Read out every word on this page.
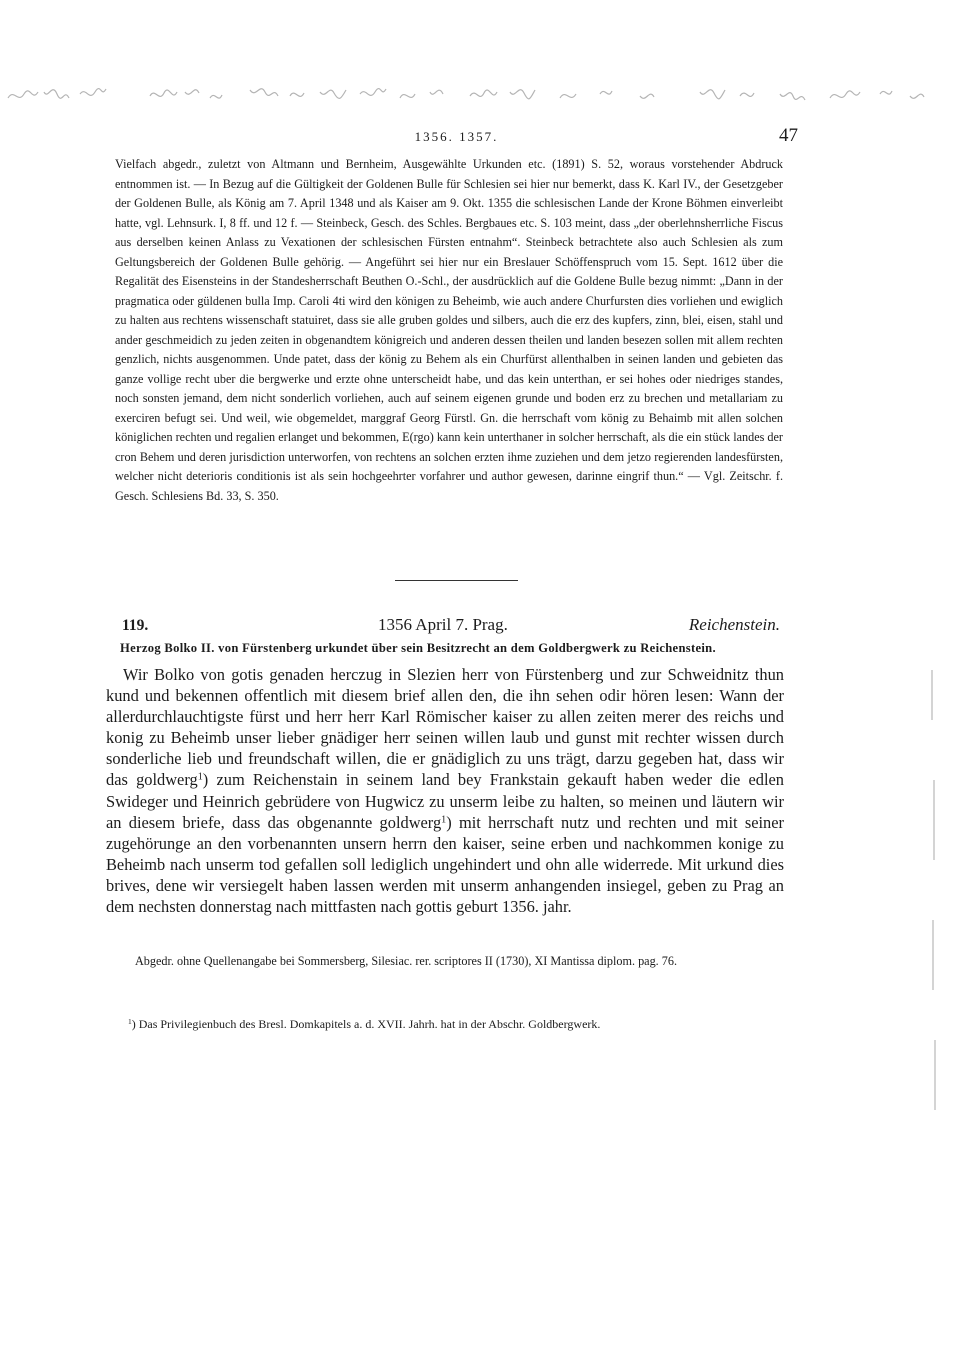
1356. 1357.	47

Vielfach abgedr., zuletzt von Altmann und Bernheim, Ausgewählte Urkunden etc. (1891) S. 52, woraus vorstehender Abdruck entnommen ist. — In Bezug auf die Gültigkeit der Goldenen Bulle für Schlesien sei hier nur bemerkt, dass K. Karl IV., der Gesetzgeber der Goldenen Bulle, als König am 7. April 1348 und als Kaiser am 9. Okt. 1355 die schlesischen Lande der Krone Böhmen einverleibt hatte, vgl. Lehnsurk. I, 8 ff. und 12 f. — Steinbeck, Gesch. des Schles. Bergbaues etc. S. 103 meint, dass „der oberlehnsherrliche Fiscus aus derselben keinen Anlass zu Vexationen der schlesischen Fürsten entnahm“. Steinbeck betrachtete also auch Schlesien als zum Geltungsbereich der Goldenen Bulle gehörig. — Angeführt sei hier nur ein Breslauer Schöffenspruch vom 15. Sept. 1612 über die Regalität des Eisensteins in der Standesherrschaft Beuthen O.-Schl., der ausdrücklich auf die Goldene Bulle bezug nimmt: „Dann in der pragmatica oder güldenen bulla Imp. Caroli 4ti wird den königen zu Beheimb, wie auch andere Churfursten dies vorliehen und ewiglich zu halten aus rechtens wissenschaft statuiret, dass sie alle gruben goldes und silbers, auch die erz des kupfers, zinn, blei, eisen, stahl und ander geschmeidich zu jeden zeiten in obgenandtem königreich und anderen dessen theilen und landen besezen sollen mit allem rechten genzlich, nichts ausgenommen. Unde patet, dass der könig zu Behem als ein Churfürst allenthalben in seinen landen und gebieten das ganze vollige recht uber die bergwerke und erzte ohne unterscheidt habe, und das kein unterthan, er sei hohes oder niedriges standes, noch sonsten jemand, dem nicht sonderlich vorliehen, auch auf seinem eigenen grunde und boden erz zu brechen und metallariam zu exerciren befugt sei. Und weil, wie obgemeldet, marggraf Georg Fürstl. Gn. die herrschaft vom könig zu Behaimb mit allen solchen königlichen rechten und regalien erlanget und bekommen, E(rgo) kann kein unterthaner in solcher herrschaft, als die ein stück landes der cron Behem und deren jurisdiction unterworfen, von rechtens an solchen erzten ihme zuziehen und dem jetzo regierenden landesfürsten, welcher nicht deterioris conditionis ist als sein hochgeehrter vorfahrer und author gewesen, darinne eingrif thun.“ — Vgl. Zeitschr. f. Gesch. Schlesiens Bd. 33, S. 350.

119.	1356 April 7. Prag.	Reichenstein.
Herzog Bolko II. von Fürstenberg urkundet über sein Besitzrecht an dem Goldbergwerk zu Reichenstein.

Wir Bolko von gotis genaden herczug in Slezien herr von Fürstenberg und zur Schweidnitz thun kund und bekennen offentlich mit diesem brief allen den, die ihn sehen odir hören lesen: Wann der allerdurchlauchtigste fürst und herr herr Karl Römischer kaiser zu allen zeiten merer des reichs und konig zu Beheimb unser lieber gnädiger herr seinen willen laub und gunst mit rechter wissen durch sonderliche lieb und freundschaft willen, die er gnädiglich zu uns trägt, darzu gegeben hat, dass wir das goldwerg$^1$) zum Reichenstain in seinem land bey Frankstain gekauft haben weder die edlen Swideger und Heinrich gebrüdere von Hugwicz zu unserm leibe zu halten, so meinen und läutern wir an diesem briefe, dass das obgenannte goldwerg$^1$) mit herrschaft nutz und rechten und mit seiner zugehörunge an den vorbenannten unsern herrn den kaiser, seine erben und nachkommen konige zu Beheimb nach unserm tod gefallen soll lediglich ungehindert und ohn alle widerrede. Mit urkund dies brives, dene wir versiegelt haben lassen werden mit unserm anhangenden insiegel, geben zu Prag an dem nechsten donnerstag nach mittfasten nach gottis geburt 1356. jahr.

Abgedr. ohne Quellenangabe bei Sommersberg, Silesiac. rer. scriptores II (1730), XI Mantissa diplom. pag. 76.

$^1$) Das Privilegienbuch des Bresl. Domkapitels a. d. XVII. Jahrh. hat in der Abschr. Goldbergwerk.
